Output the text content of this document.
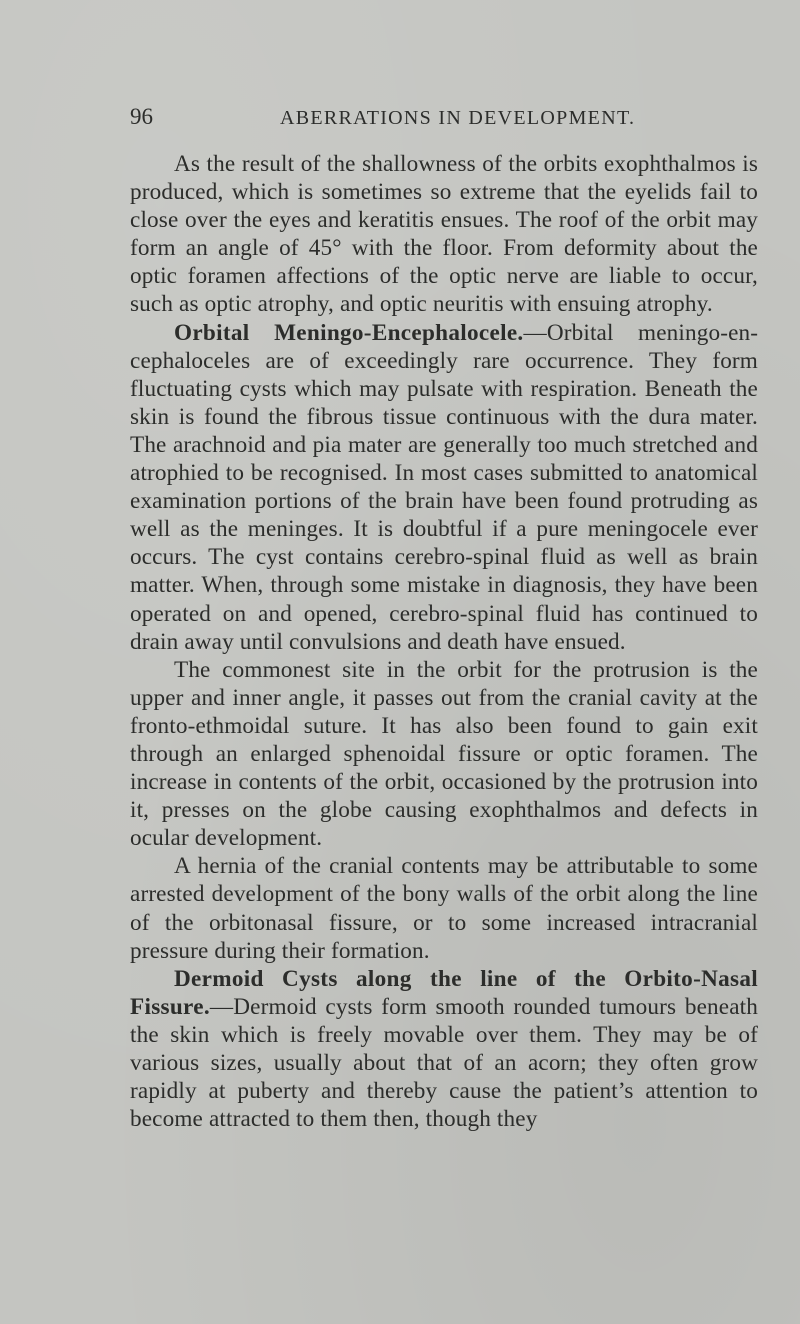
96	ABERRATIONS IN DEVELOPMENT.

As the result of the shallowness of the orbits exophthalmos is produced, which is sometimes so extreme that the eyelids fail to close over the eyes and keratitis ensues. The roof of the orbit may form an angle of 45° with the floor. From deformity about the optic foramen affections of the optic nerve are liable to occur, such as optic atrophy, and optic neuritis with ensuing atrophy.

Orbital Meningo-Encephalocele.—Orbital meningo-encephaloceles are of exceedingly rare occurrence. They form fluctuating cysts which may pulsate with respiration. Beneath the skin is found the fibrous tissue continuous with the dura mater. The arachnoid and pia mater are generally too much stretched and atrophied to be recognised. In most cases submitted to anatomical examination portions of the brain have been found protruding as well as the meninges. It is doubtful if a pure meningocele ever occurs. The cyst contains cerebro-spinal fluid as well as brain matter. When, through some mistake in diagnosis, they have been operated on and opened, cerebro-spinal fluid has continued to drain away until convulsions and death have ensued.

The commonest site in the orbit for the protrusion is the upper and inner angle, it passes out from the cranial cavity at the fronto-ethmoidal suture. It has also been found to gain exit through an enlarged sphenoidal fissure or optic foramen. The increase in contents of the orbit, occasioned by the protrusion into it, presses on the globe causing exophthalmos and defects in ocular development.

A hernia of the cranial contents may be attributable to some arrested development of the bony walls of the orbit along the line of the orbitonasal fissure, or to some increased intracranial pressure during their formation.

Dermoid Cysts along the line of the Orbito-Nasal Fissure.—Dermoid cysts form smooth rounded tumours beneath the skin which is freely movable over them. They may be of various sizes, usually about that of an acorn; they often grow rapidly at puberty and thereby cause the patient’s attention to become attracted to them then, though they
